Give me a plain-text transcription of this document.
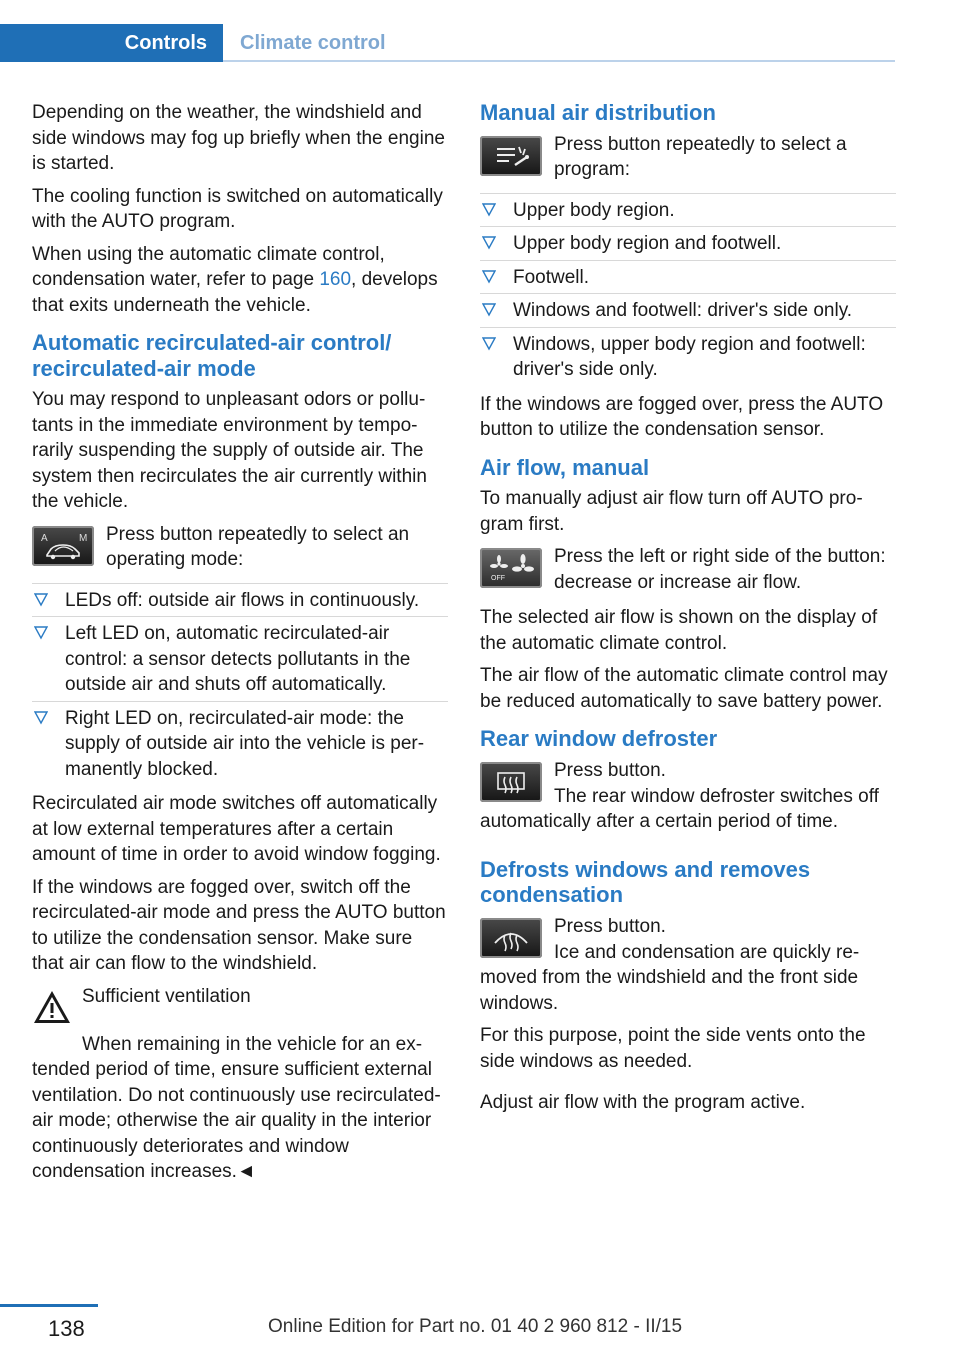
Controls	Climate control

Depending on the weather, the windshield and side windows may fog up briefly when the engine is started.

The cooling function is switched on automatically with the AUTO program.

When using the automatic climate control, condensation water, refer to page 160, develops that exits underneath the vehicle.

Automatic recirculated-air control/ recirculated-air mode

You may respond to unpleasant odors or pollutants in the immediate environment by temporarily suspending the supply of outside air. The system then recirculates the air currently within the vehicle.

A	M Press button repeatedly to select an operating mode:
LEDs off: outside air flows in continuously.
Left LED on, automatic recirculated-air control: a sensor detects pollutants in the outside air and shuts off automatically.
Right LED on, recirculated-air mode: the supply of outside air into the vehicle is permanently blocked.

Recirculated air mode switches off automatically at low external temperatures after a certain amount of time in order to avoid window fogging.

If the windows are fogged over, switch off the recirculated-air mode and press the AUTO button to utilize the condensation sensor. Make sure that air can flow to the windshield.

Sufficient ventilation

When remaining in the vehicle for an extended period of time, ensure sufficient external ventilation. Do not continuously use recirculated-air mode; otherwise the air quality in the interior continuously deteriorates and window condensation increases.◄

Manual air distribution
Press button repeatedly to select a program:
Upper body region.
Upper body region and footwell.
Footwell.
Windows and footwell: driver's side only.
Windows, upper body region and footwell: driver's side only.

If the windows are fogged over, press the AUTO button to utilize the condensation sensor.

Air flow, manual

To manually adjust air flow turn off AUTO program first.

OFF
Press the left or right side of the button: decrease or increase air flow.

The selected air flow is shown on the display of the automatic climate control.

The air flow of the automatic climate control may be reduced automatically to save battery power.

Rear window defroster
Press button.

The rear window defroster switches off automatically after a certain period of time.

Defrosts windows and removes condensation
Press button.

Ice and condensation are quickly removed from the windshield and the front side windows.

For this purpose, point the side vents onto the side windows as needed.

Adjust air flow with the program active.

138	Online Edition for Part no. 01 40 2 960 812 - II/15
